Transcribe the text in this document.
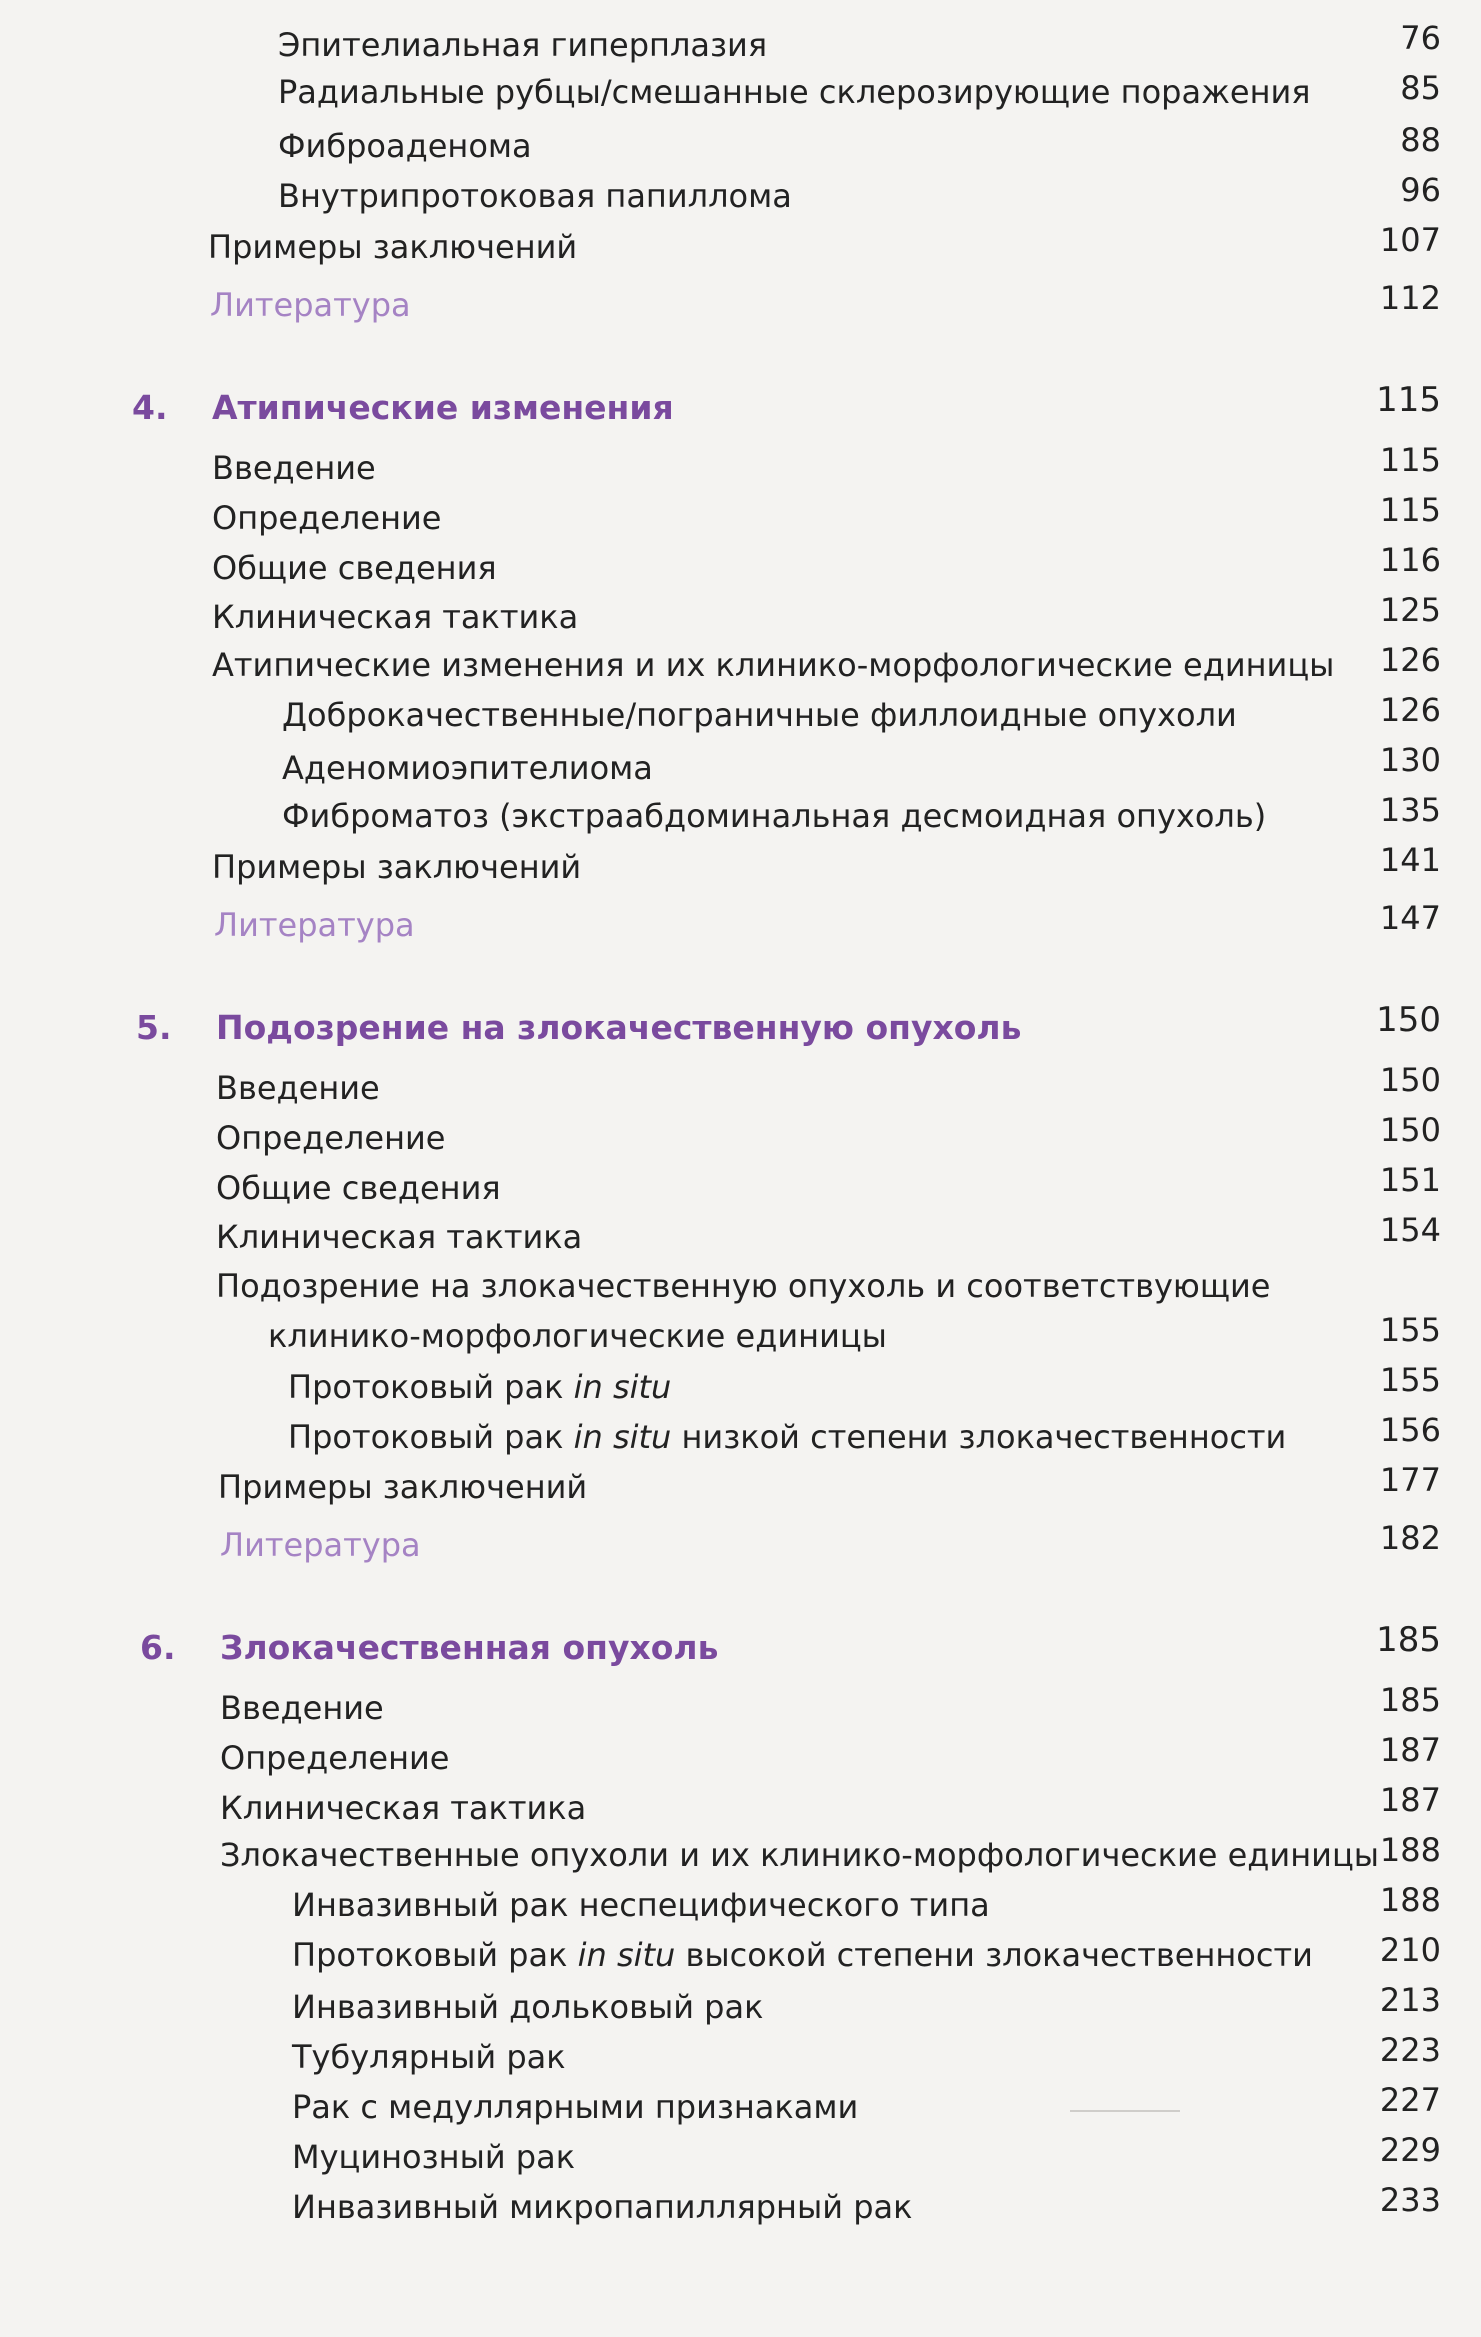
Эпителиальная гиперплазия	76
Радиальные рубцы/смешанные склерозирующие поражения	85
Фиброаденома	88
Внутрипротоковая папиллома	96
Примеры заключений	107
Литература	112
4. Атипические изменения	115
Введение	115
Определение	115
Общие сведения	116
Клиническая тактика	125
Атипические изменения и их клинико-морфологические единицы	126
Доброкачественные/пограничные филлоидные опухоли	126
Аденомиоэпителиома	130
Фиброматоз (экстраабдоминальная десмоидная опухоль)	135
Примеры заключений	141
Литература	147
5. Подозрение на злокачественную опухоль	150
Введение	150
Определение	150
Общие сведения	151
Клиническая тактика	154
Подозрение на злокачественную опухоль и соответствующие
клинико-морфологические единицы	155
Протоковый рак in situ	155
Протоковый рак in situ низкой степени злокачественности	156
Примеры заключений	177
Литература	182
6. Злокачественная опухоль	185
Введение	185
Определение	187
Клиническая тактика	187
Злокачественные опухоли и их клинико-морфологические единицы 188
Инвазивный рак неспецифического типа	188
Протоковый рак in situ высокой степени злокачественности	210
Инвазивный дольковый рак	213
Тубулярный рак	223
Рак с медуллярными признаками	227
Муцинозный рак	229
Инвазивный микропапиллярный рак	233
